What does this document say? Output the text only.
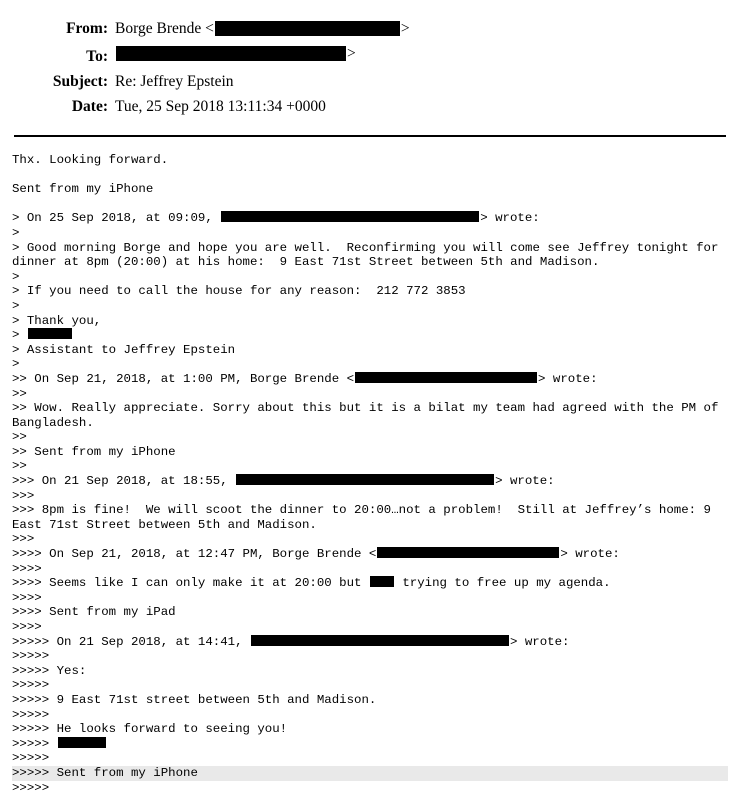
From: Borge Brende <	>
To:	>
Subject: Re: Jeffrey Epstein
Date: Tue, 25 Sep 2018 13:11:34 +0000
Thx. Looking forward.

Sent from my iPhone

> On 25 Sep 2018, at 09:09,	> wrote:
>
> Good morning Borge and hope you are well.  Reconfirming you will come see Jeffrey tonight for dinner at 8pm (20:00) at his home:  9 East 71st Street between 5th and Madison.
>
> If you need to call the house for any reason:  212 772 3853
>
> Thank you,
>
> Assistant to Jeffrey Epstein
>
>> On Sep 21, 2018, at 1:00 PM, Borge Brende <	> wrote:
>>
>> Wow. Really appreciate. Sorry about this but it is a bilat my team had agreed with the PM of Bangladesh.
>>
>> Sent from my iPhone
>>
>>> On 21 Sep 2018, at 18:55,	> wrote:
>>>
>>> 8pm is fine!  We will scoot the dinner to 20:00…not a problem!  Still at Jeffrey’s home: 9 East 71st Street between 5th and Madison.
>>>
>>>> On Sep 21, 2018, at 12:47 PM, Borge Brende <	> wrote:
>>>>
>>>> Seems like I can only make it at 20:00 but  trying to free up my agenda.
>>>>
>>>> Sent from my iPad
>>>>
>>>>> On 21 Sep 2018, at 14:41,	> wrote:
>>>>>
>>>>> Yes:
>>>>>
>>>>> 9 East 71st street between 5th and Madison.
>>>>>
>>>>> He looks forward to seeing you!
>>>>>
>>>>>
>>>>> Sent from my iPhone
>>>>>
